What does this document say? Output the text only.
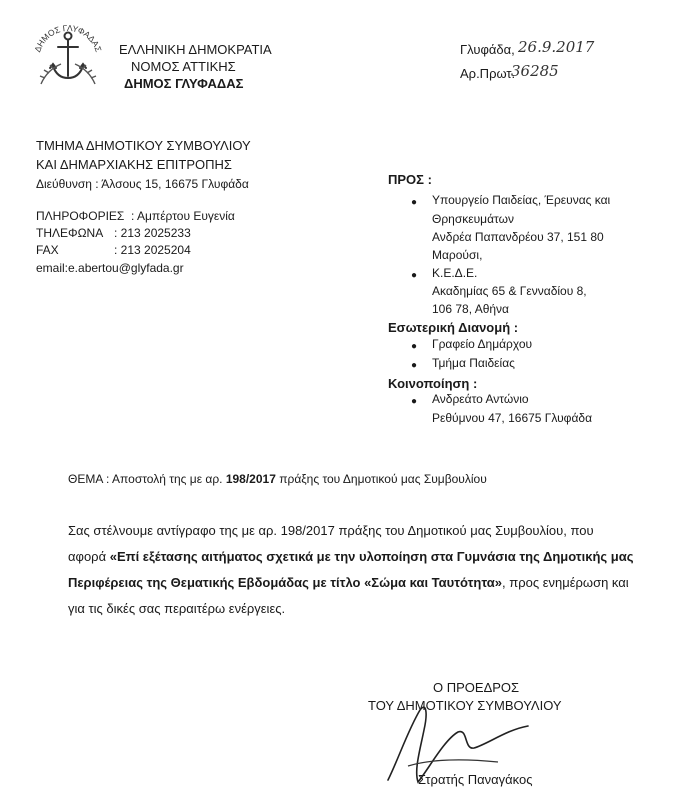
ΔΗΜΟΣ ΓΛΥΦΑΔΑΣ ΕΛΛΗΝΙΚΗ ΔΗΜΟΚΡΑΤΙΑ
ΝΟΜΟΣ ΑΤΤΙΚΗΣ
ΔΗΜΟΣ ΓΛΥΦΑΔΑΣ
Γλυφάδα, 26.9.2017
Αρ.Πρωτ.
36285
ΤΜΗΜΑ ΔΗΜΟΤΙΚΟΥ ΣΥΜΒΟΥΛΙΟΥ
ΚΑΙ ΔΗΜΑΡΧΙΑΚΗΣ ΕΠΙΤΡΟΠΗΣ
Διεύθυνση : Άλσους 15, 16675 Γλυφάδα
ΠΛΗΡΟΦΟΡΙΕΣ : Αμπέρτου Ευγενία
ΤΗΛΕΦΩΝΑ : 213 2025233
FAX	: 213 2025204
email:e.abertou@glyfada.gr
ΠΡΟΣ :
● Υπουργείο Παιδείας, Έρευνας και
Θρησκευμάτων
Ανδρέα Παπανδρέου 37, 151 80
Μαρούσι,
● Κ.Ε.Δ.Ε.
Ακαδημίας 65 & Γενναδίου 8,
106 78, Αθήνα
Εσωτερική Διανομή :
● Γραφείο Δημάρχου
● Τμήμα Παιδείας
Κοινοποίηση :
● Ανδρεάτο Αντώνιο
Ρεθύμνου 47, 16675 Γλυφάδα
ΘΕΜΑ : Αποστολή της με αρ. 198/2017 πράξης του Δημοτικού μας Συμβουλίου
Σας στέλνουμε αντίγραφο της με αρ. 198/2017 πράξης του Δημοτικού μας Συμβουλίου, που
αφορά «Επί εξέτασης αιτήματος σχετικά με την υλοποίηση στα Γυμνάσια της Δημοτικής μας
Περιφέρειας της Θεματικής Εβδομάδας με τίτλο «Σώμα και Ταυτότητα», προς ενημέρωση και
για τις δικές σας περαιτέρω ενέργειες.
Ο ΠΡΟΕΔΡΟΣ
ΤΟΥ ΔΗΜΟΤΙΚΟΥ ΣΥΜΒΟΥΛΙΟΥ
Στρατής Παναγάκος
